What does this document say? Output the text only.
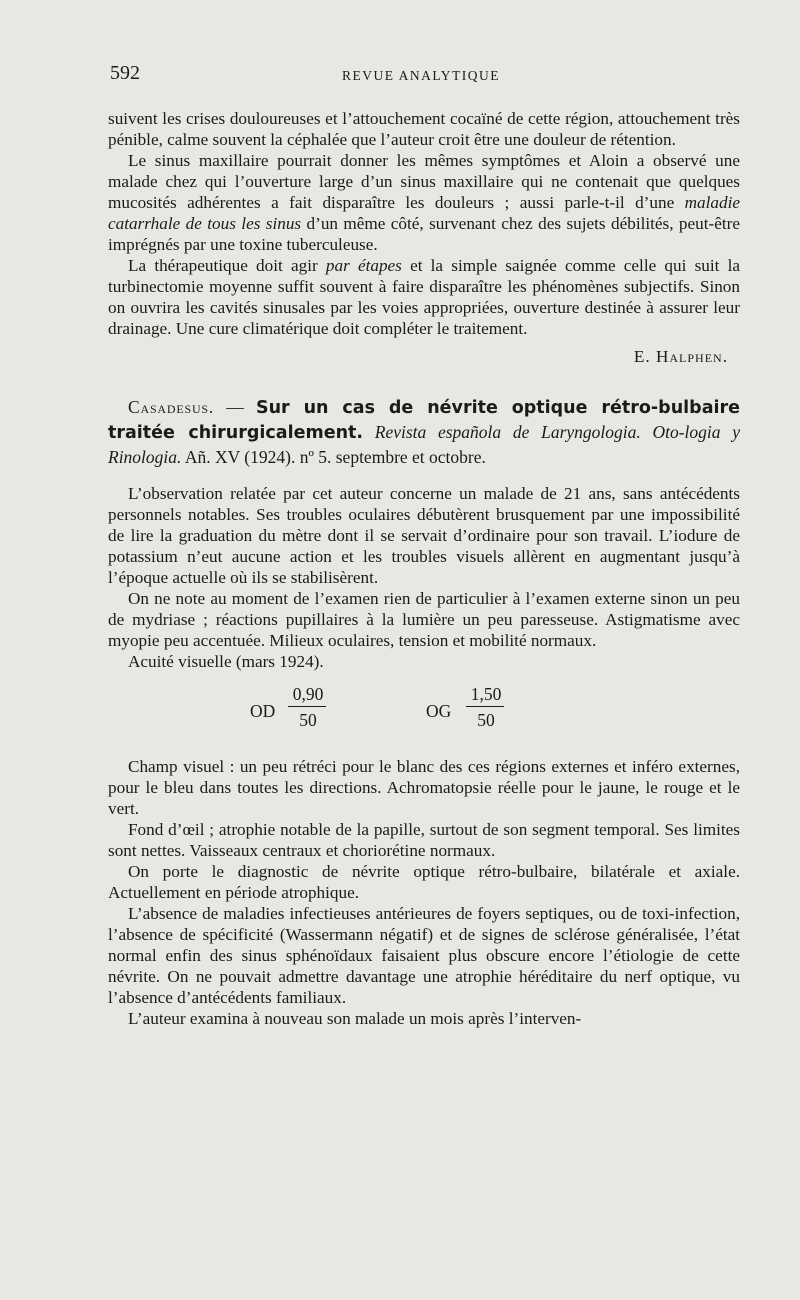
592	REVUE ANALYTIQUE

suivent les crises douloureuses et l’attouchement cocaïné de cette région, attouchement très pénible, calme souvent la céphalée que l’auteur croit être une douleur de rétention.

Le sinus maxillaire pourrait donner les mêmes symptômes et Aloin a observé une malade chez qui l’ouverture large d’un sinus maxillaire qui ne contenait que quelques mucosités adhérentes a fait disparaître les douleurs ; aussi parle-t-il d’une maladie catarrhale de tous les sinus d’un même côté, survenant chez des sujets débilités, peut-être imprégnés par une toxine tuberculeuse.

La thérapeutique doit agir par étapes et la simple saignée comme celle qui suit la turbinectomie moyenne suffit souvent à faire disparaître les phénomènes subjectifs. Sinon on ouvrira les cavités sinusales par les voies appropriées, ouverture destinée à assurer leur drainage. Une cure climatérique doit compléter le traitement.

E. Halphen.
Casadesus. — Sur un cas de névrite optique rétro-bulbaire traitée chirurgicalement. Revista española de Laryngologia. Oto-logia y Rinologia. Añ. XV (1924). nº 5. septembre et octobre.

L’observation relatée par cet auteur concerne un malade de 21 ans, sans antécédents personnels notables. Ses troubles oculaires débutèrent brusquement par une impossibilité de lire la graduation du mètre dont il se servait d’ordinaire pour son travail. L’iodure de potassium n’eut aucune action et les troubles visuels allèrent en augmentant jusqu’à l’époque actuelle où ils se stabilisèrent.

On ne note au moment de l’examen rien de particulier à l’examen externe sinon un peu de mydriase ; réactions pupillaires à la lumière un peu paresseuse. Astigmatisme avec myopie peu accentuée. Milieux oculaires, tension et mobilité normaux.

Acuité visuelle (mars 1924).

OD
0,90
50	OG
1,50
50

Champ visuel : un peu rétréci pour le blanc des ces régions externes et inféro externes, pour le bleu dans toutes les directions. Achromatopsie réelle pour le jaune, le rouge et le vert.

Fond d’œil ; atrophie notable de la papille, surtout de son segment temporal. Ses limites sont nettes. Vaisseaux centraux et choriorétine normaux.

On porte le diagnostic de névrite optique rétro-bulbaire, bilatérale et axiale. Actuellement en période atrophique.

L’absence de maladies infectieuses antérieures de foyers septiques, ou de toxi-infection, l’absence de spécificité (Wassermann négatif) et de signes de sclérose généralisée, l’état normal enfin des sinus sphénoïdaux faisaient plus obscure encore l’étiologie de cette névrite. On ne pouvait admettre davantage une atrophie héréditaire du nerf optique, vu l’absence d’antécédents familiaux.

L’auteur examina à nouveau son malade un mois après l’interven-
